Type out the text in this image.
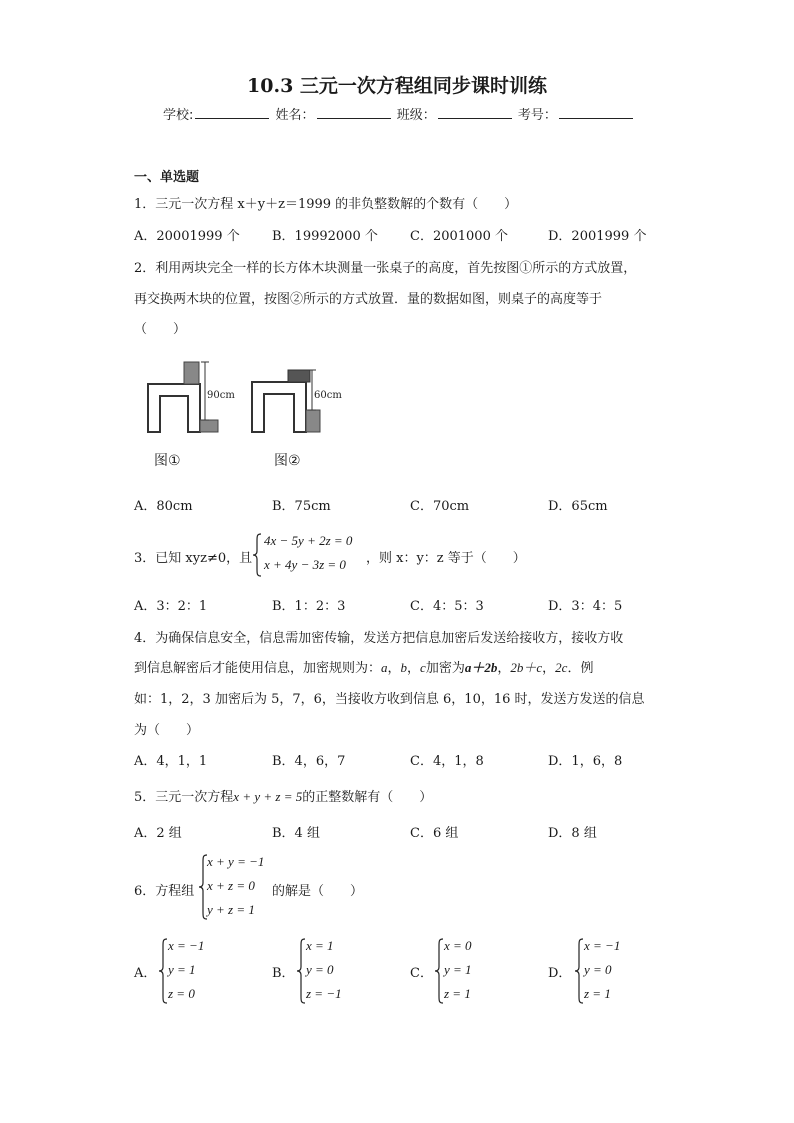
10.3 三元一次方程组同步课时训练
学校:	姓名：	班级：	考号：
一、单选题
1．三元一次方程 x＋y＋z＝1999 的非负整数解的个数有（　　）
A．20001999 个 B．19992000 个 C．2001000 个	D．2001999 个
2．利用两块完全一样的长方体木块测量一张桌子的高度，首先按图①所示的方式放置，
再交换两木块的位置，按图②所示的方式放置．量的数据如图，则桌子的高度等于
（　　）
90cm	60cm
图①	图②
A．80cm	B．75cm	C．70cm	D．65cm
3．已知 xyz≠0，且
4x − 5y + 2z = 0
x + 4y − 3z = 0 ，则 x：y：z 等于（　　）
A．3：2：1	B．1：2：3	C．4：5：3	D．3：4：5
4．为确保信息安全，信息需加密传输，发送方把信息加密后发送给接收方，接收方收
到信息解密后才能使用信息，加密规则为：a，b，c加密为a＋2b，2b＋c，2c．例
如：1，2，3 加密后为 5，7，6，当接收方收到信息 6，10，16 时，发送方发送的信息
为（　　）
A．4，1，1	B．4，6，7	C．4，1，8	D．1，6，8
5．三元一次方程x + y + z = 5的正整数解有（　　）
A．2 组	B．4 组	C．6 组	D．8 组
6．方程组
x + y = −1
x + z = 0
y + z = 1
的解是（　　）
A．
x = −1
y = 1
z = 0
B．
x = 1
y = 0
z = −1
C．
x = 0
y = 1
z = 1
D．
x = −1
y = 0
z = 1
